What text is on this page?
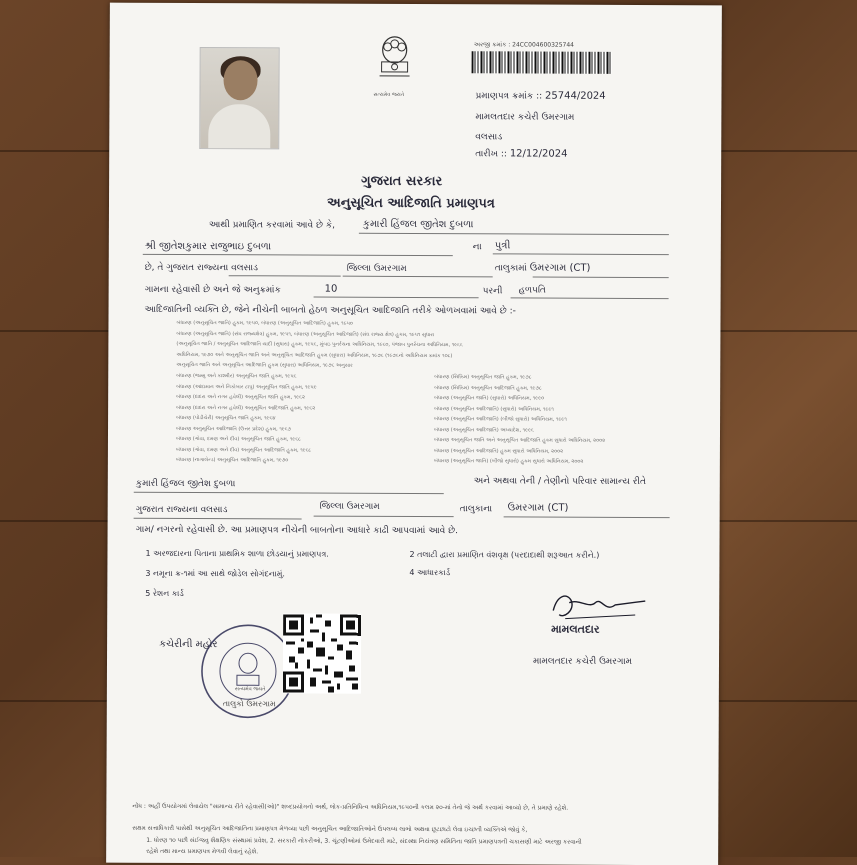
સત્યમેવ જયતે
અરજી ક્રમાંક : 24CC004600325744
પ્રમાણપત્ર ક્રમાંક :: 25744/2024
મામલતદાર કચેરી ઉમરગામ
વલસાડ
તારીખ :: 12/12/2024
ગુજરાત સરકાર
અનુસૂચિત આદિજાતિ પ્રમાણપત્ર
આથી પ્રમાણિત કરવામાં આવે છે કે,	કુમારી હિંજલ જીતેશ દુબળા
શ્રી જીતેશકુમાર રાજુભાઇ દુબળા	ના પુત્રી
છે, તે ગુજરાત રાજ્યના વલસાડ	જિલ્લા ઉમરગામ	તાલુકામાં ઉમરગામ (CT)
ગામના રહેવાસી છે અને જે અનુક્રમાંક	10	પરની હળપતિ
આદિજાતિની વ્યક્તિ છે, જેને નીચેની બાબતો હેઠળ અનુસૂચિત આદિજાતિ તરીકે ઓળખવામાં આવે છે :-
બંધારણ (અનુસૂચિત જાતિ) હુકમ, ૧૯૫૦, બંધારણ (અનુસૂચિત આદિજાતિ) હુકમ, ૧૯૫૦
બંધારણ (અનુસૂચિત જાતિ) (સંઘ રાજ્યક્ષેત્ર) હુકમ, ૧૯૫૧, બંધારણ (અનુસૂચિત આદિજાતિ) (સંઘ રાજ્ય ક્ષેત્ર) હુકમ, ૧૯૫૧ સુધારા
(અનુસૂચિત જાતિ / અનુસૂચિત આદિજાતિ યાદી (સુધારા) હુકમ, ૧૯૫૬, મુંબઇ પુનર્રચના અધિનિયમ, ૧૯૬૦, પંજાબ પુનર્રચના અધિનિયમ, ૧૯૬૬
અધિનિયમ, ૧૯૭૦ અને અનુસૂચિત જાતિ અને અનુસૂચિત આદિજાતિ હુકમ (સુધારા) અધિનિયમ, ૧૯૭૬ (૧૯૭૬નો અધિનિયમ ક્રમાંક ૧૦૮)
અનુસૂચિત જાતિ અને અનુસૂચિત આદિજાતિ હુકમ (સુધારા) અધિનિયમ, ૧૯૭૬ અનુસાર
બંધારણ (જમ્મુ અને કાશ્મીર) અનુસૂચિત જાતિ હુકમ, ૧૯૫૬
બંધારણ (આંદામાન અને નિકોબાર ટાપુ) અનુસૂચિત જાતિ હુકમ, ૧૯૫૯
બંધારણ (દાદરા અને નગર હવેલી) અનુસૂચિત જાતિ હુકમ, ૧૯૬૨
બંધારણ (દાદરા અને નગર હવેલી) અનુસૂચિત આદિજાતિ હુકમ, ૧૯૬૨
બંધારણ (પોંડીચેરી) અનુસૂચિત જાતિ હુકમ, ૧૯૬૪
બંધારણ અનુસૂચિત આદિજાતિ (ઉત્તર પ્રદેશ) હુકમ, ૧૯૬૭
બંધારણ (ગોવા, દમણ અને દીવ) અનુસૂચિત જાતિ હુકમ, ૧૯૬૮
બંધારણ (ગોવા, દમણ અને દીવ) અનુસૂચિત આદિજાતિ હુકમ, ૧૯૬૮
બંધારણ (નાગાલેન્ડ) અનુસૂચિત આદિજાતિ હુકમ, ૧૯૭૦
બંધારણ (સિક્કિમ) અનુસૂચિત જાતિ હુકમ, ૧૯૭૮
બંધારણ (સિક્કિમ) અનુસૂચિત આદિજાતિ હુકમ, ૧૯૭૮
બંધારણ (અનુસૂચિત જાતિ) (સુધારો) અધિનિયમ, ૧૯૯૦
બંધારણ (અનુસૂચિત આદિજાતિ) (સુધારો) અધિનિયમ, ૧૯૯૧
બંધારણ (અનુસૂચિત આદિજાતિ) (બીજો સુધારો) અધિનિયમ, ૧૯૯૧
બંધારણ (અનુસૂચિત આદિજાતિ) અધ્યાદેશ, ૧૯૯૬
બંધારણ અનુસૂચિત જાતિ અને અનુસૂચિત આદિજાતિ હુકમ સુધારો અધિનિયમ, ૨૦૦૨
બંધારણ (અનુસૂચિત આદિજાતિ) હુકમ સુધારો અધિનિયમ, ૨૦૦૨
બંધારણ (અનુસૂચિત જાતિ) (બીજો સુધારો) હુકમ સુધારો અધિનિયમ, ૨૦૦૨
કુમારી હિંજલ જીતેશ દુબળા	અને અથવા તેની / તેણીનો પરિવાર સામાન્ય રીતે
ગુજરાત રાજ્યના વલસાડ	જિલ્લા ઉમરગામ	તાલુકાના ઉમરગામ (CT)
ગામ/ નગરનો રહેવાસી છે. આ પ્રમાણપત્ર નીચેની બાબતોના આધારે કાઢી આપવામાં આવે છે.
1 અરજદારના પિતાના પ્રાથમિક શાળા છોડયાનું પ્રમાણપત્ર.	2 તલાટી દ્વારા પ્રમાણિત વંશવૃક્ષ (પરદાદાથી શરૂઆત કરીને.)
3 નમૂના ક્ર-૧માં આ સાથે જોડેલ સોગંદનામું.	4 આધારકાર્ડ
5 રેશન કાર્ડ
મામલતદાર
મામલતદાર કચેરી ઉમરગામ
કચેરીની મહોર
તાલુકો ઉમરગામ
સત્યમેવ જયતે
નોંધ : અહીં ઉપયોગમાં લેવાયેલ "સામાન્ય રીતે રહેવાસી(ઓ)" શબ્દપ્રયોગનો અર્થ, લોક-પ્રતિનિધિત્વ અધિનિયમ,૧૯૫૦ની કલમ ૨૦-માં તેનો જે અર્થ કરવામાં આવ્યો છે, તે પ્રમાણે રહેશે.
સક્ષમ સત્તાધિકારી પાસેથી અનુસૂચિત આદિજાતિના પ્રમાણપત્ર મેળવ્યા પછી અનુસૂચિત આદિજાતિઓને ઉપલબ્ધ લાભો અથવા છૂટછાટો લેવા ઇચ્છતી વ્યક્તિએ જોવું કે,
1. ધોરણ ૧૦ પછી સંઈજવુ શૈક્ષણિક સંસ્થામાં પ્રવેશ, 2. સરકારી નોકરીઓ, 3. ચૂંટણીઓમાં ઉમેદવારી માટે, સંદસ્થા નિયંત્રણ સમિતિના જાતિ પ્રમાણપત્રની ચકાસણી માટે અરજી કરવાની
રહેશે તથા માન્ય પ્રમાણપત્ર મેળવી લેવાનું રહેશે.
